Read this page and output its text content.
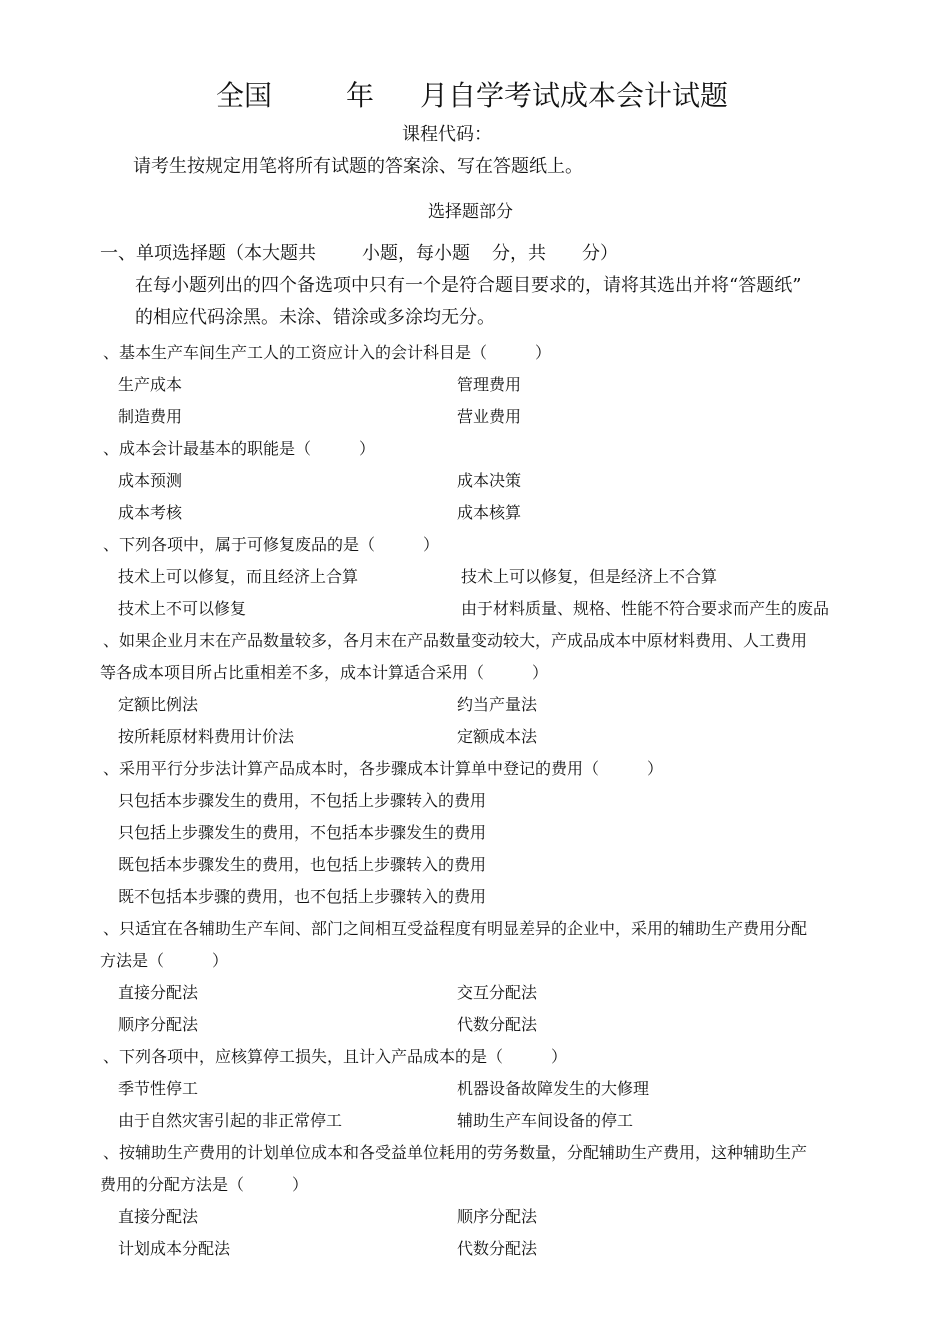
全国	年 月自学考试成本会计试题
课程代码：
请考生按规定用笔将所有试题的答案涂、写在答题纸上。
选择题部分
一、单项选择题（本大题共	小题，每小题 分，共 分）
在每小题列出的四个备选项中只有一个是符合题目要求的，请将其选出并将“答题纸”
的相应代码涂黑。未涂、错涂或多涂均无分。
、基本生产车间生产工人的工资应计入的会计科目是（　　　）
生产成本	管理费用
制造费用	营业费用
、成本会计最基本的职能是（　　　）
成本预测	成本决策
成本考核	成本核算
、下列各项中，属于可修复废品的是（　　　）
技术上可以修复，而且经济上合算	技术上可以修复，但是经济上不合算
技术上不可以修复	由于材料质量、规格、性能不符合要求而产生的废品
、如果企业月末在产品数量较多，各月末在产品数量变动较大，产成品成本中原材料费用、人工费用
等各成本项目所占比重相差不多，成本计算适合采用（　　　）
定额比例法	约当产量法
按所耗原材料费用计价法	定额成本法
、采用平行分步法计算产品成本时，各步骤成本计算单中登记的费用（　　　）
只包括本步骤发生的费用，不包括上步骤转入的费用
只包括上步骤发生的费用，不包括本步骤发生的费用
既包括本步骤发生的费用，也包括上步骤转入的费用
既不包括本步骤的费用，也不包括上步骤转入的费用
、只适宜在各辅助生产车间、部门之间相互受益程度有明显差异的企业中，采用的辅助生产费用分配
方法是（　　　）
直接分配法	交互分配法
顺序分配法	代数分配法
、下列各项中，应核算停工损失，且计入产品成本的是（　　　）
季节性停工	机器设备故障发生的大修理
由于自然灾害引起的非正常停工	辅助生产车间设备的停工
、按辅助生产费用的计划单位成本和各受益单位耗用的劳务数量，分配辅助生产费用，这种辅助生产
费用的分配方法是（　　　）
直接分配法	顺序分配法
计划成本分配法	代数分配法
